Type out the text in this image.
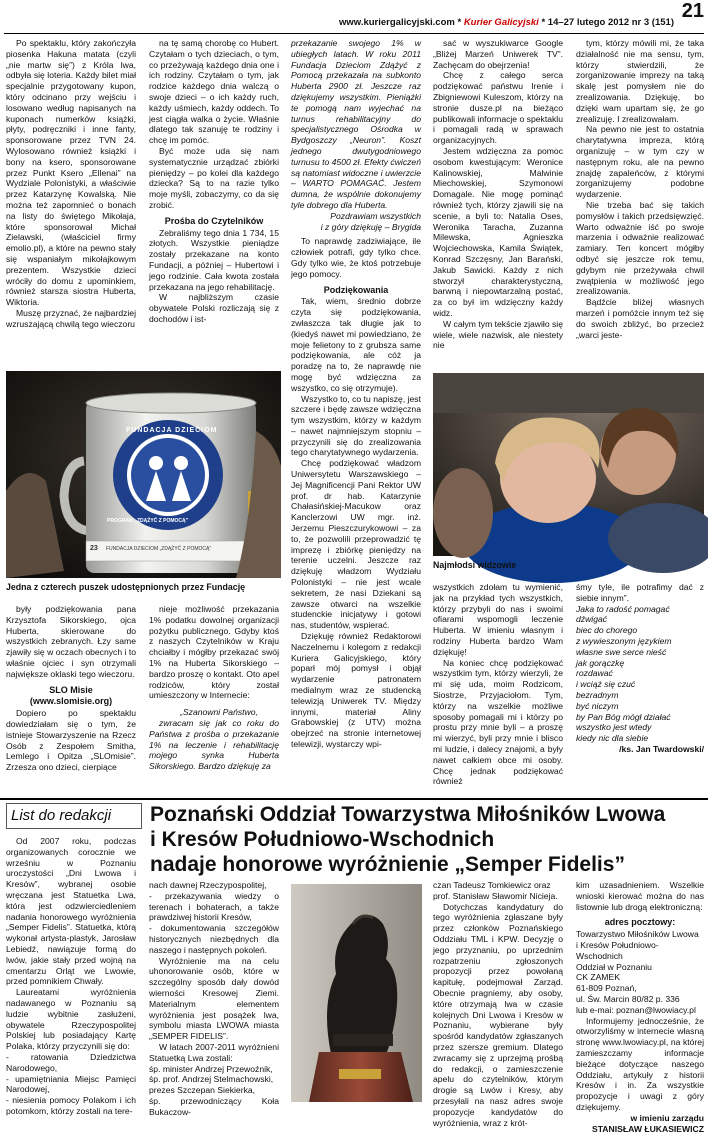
www.kuriergalicyjski.com * Kurier Galicyjski * 14–27 lutego 2012 nr 3 (151)
21

Po spektaklu, który zakończyła piosenka Hakuna matata (czyli „nie martw się”) z Króla lwa, odbyła się loteria. Każdy bilet miał specjalnie przygotowany kupon, który odcinano przy wejściu i losowano według napisanych na kuponach numerków książki, płyty, podręczniki i inne fanty, sponsorowane przez TVN 24. Wylosowano również książki i bony na ksero, sponsorowane przez Punkt Ksero „Ellenai” na Wydziale Polonistyki, a właściwie przez Katarzynę Kowalską. Nie można też zapomnieć o bonach na listy do świętego Mikołaja, które sponsorował Michał Zielawski, (właściciel firmy emolio.pl), a które na pewno stały się wspaniałym mikołajkowym prezentem. Wszystkie dzieci wróciły do domu z upominkiem, również starsza siostra Huberta, Wiktoria.

Muszę przyznać, że najbardziej wzruszającą chwilą tego wieczoru

na tę samą chorobę co Hubert. Czytałam o tych dzieciach, o tym, co przeżywają każdego dnia one i ich rodziny. Czytałam o tym, jak rodzice każdego dnia walczą o swoje dzieci – o ich każdy ruch, każdy uśmiech, każdy oddech. To jest ciągła walka o życie. Właśnie dlatego tak szanuję te rodziny i chcę im pomóc.

Być może uda się nam systematycznie urządzać zbiórki pieniędzy – po kolei dla każdego dziecka? Są to na razie tylko moje myśli, zobaczymy, co da się zrobić.

Prośba do Czytelników

Zebraliśmy tego dnia 1 734, 15 złotych. Wszystkie pieniądze zostały przekazane na konto Fundacji, a później – Hubertowi i jego rodzinie. Cała kwota została przekazana na jego rehabilitację.

W najbliższym czasie obywatele Polski rozliczają się z dochodów i ist-

przekazanie swojego 1% w ubiegłych latach. W roku 2011 Fundacja Dzieciom Zdążyć z Pomocą przekazała na subkonto Huberta 2900 zł. Jeszcze raz dziękujemy wszystkim. Pieniążki te pomogą nam wyjechać na turnus rehabilitacyjny do specjalistycznego Ośrodka w Bydgoszczy „Neuron”. Koszt jednego dwutygodniowego turnusu to 4500 zł. Efekty ćwiczeń są natomiast widoczne i uwierzcie – WARTO POMAGAĆ. Jestem dumna, że wspólnie dokonujemy tyle dobrego dla Huberta.

Pozdrawiam wszystkich

i z góry dziękuję – Brygida

To naprawdę zadziwiające, ile człowiek potrafi, gdy tylko chce. Gdy tylko wie, że ktoś potrzebuje jego pomocy.

Podziękowania

Tak, wiem, średnio dobrze czyta się podziękowania, zwłaszcza tak długie jak to (kiedyś nawet mi powiedziano, że moje felietony to z grubsza same podziękowania, ale cóż ja poradzę na to, że naprawdę nie mogę być wdzięczna za wszystko, co się otrzymuje).

Wszystko to, co tu napiszę, jest szczere i będę zawsze wdzięczna tym wszystkim, którzy w każdym – nawet najmniejszym stopniu – przyczynili się do zrealizowania tego charytatywnego wydarzenia.

Chcę podziękować władzom Uniwersytetu Warszawskiego – Jej Magnificencji Pani Rektor UW prof. dr hab. Katarzynie Chałasińskiej-Macukow oraz Kanclerzowi UW mgr. inż. Jerzemu Pieszczurykowowi – za to, że pozwolili przeprowadzić tę imprezę i zbiórkę pieniędzy na terenie uczelni. Jeszcze raz dziękuję władzom Wydziału Polonistyki – nie jest wcale sekretem, że nasi Dziekani są zawsze otwarci na wszelkie studenckie inicjatywy i gotowi nas, studentów, wspierać.

Dziękuję również Redaktorowi Naczelnemu i kolegom z redakcji Kuriera Galicyjskiego, który poparł mój pomysł i objął wydarzenie patronatem medialnym wraz ze studencką telewizją Uniwerek TV. Między innymi, materiał Aliny Grabowskiej (z UTV) można obejrzeć na stronie internetowej telewizji, wystarczy wpi-

sać w wyszukiwarce Google „Bliżej Marzeń Uniwerek TV”. Zachęcam do obejrzenia!

Chcę z całego serca podziękować państwu Irenie i Zbigniewowi Kuleszom, którzy na stronie dusze.pl na bieżąco publikowali informacje o spektaklu i pomagali radą w sprawach organizacyjnych.

Jestem wdzięczna za pomoc osobom kwestującym: Weronice Kalinowskiej, Malwinie Miechowskiej, Szymonowi Domagale. Nie mogę pominąć również tych, którzy zjawili się na scenie, a byli to: Natalia Oses, Weronika Taracha, Zuzanna Milewska, Agnieszka Wojciechowska, Kamila Świątek, Konrad Szczęsny, Jan Barański, Jakub Sawicki. Każdy z nich stworzył charakterystyczną, barwną i niepowtarzalną postać, za co był im wdzięczny każdy widz.

W całym tym tekście zjawiło się wiele, wiele nazwisk, ale niestety nie

tym, którzy mówili mi, że taka działalność nie ma sensu, tym, którzy stwierdzili, że zorganizowanie imprezy na taką skalę jest pomysłem nie do zrealizowania. Dziękuję, bo dzięki wam upartam się, że go zrealizuję. I zrealizowałam.

Na pewno nie jest to ostatnia charytatywna impreza, którą organizuję – w tym czy w następnym roku, ale na pewno znajdę zapaleńców, z którymi zorganizujemy podobne wydarzenie.

Nie trzeba bać się takich pomysłów i takich przedsięwzięć. Warto odważnie iść po swoje marzenia i odważnie realizować zamiary. Ten koncert mógłby odbyć się jeszcze rok temu, gdybym nie przeżywała chwil zwątpienia w możliwość jego zrealizowania.

Bądźcie bliżej własnych marzeń i pomóżcie innym też się do swoich zbliżyć, bo przecież „warci jeste-

FUNDACJA DZIECIOM
PROGRAM „ZDĄŻYĆ Z POMOCĄ”
FUNDACJA DZIECIOM „ZDĄŻYĆ Z POMOCĄ”
23
Jedna z czterech puszek udostępnionych przez Fundację
Najmłodsi widzowie

były podziękowania pana Krzysztofa Sikorskiego, ojca Huberta, skierowane do wszystkich zebranych. Łzy same zjawiły się w oczach obecnych i to właśnie ojciec i syn otrzymali największe oklaski tego wieczoru.

SLO Misie

(www.slomisie.org)

Dopiero po spektaklu dowiedziałam się o tym, że istnieje Stowarzyszenie na Rzecz Osób z Zespołem Smitha, Lemlego i Opitza „SLOmisie”. Zrzesza ono dzieci, cierpiące

nieje możliwość przekazania 1% podatku dowolnej organizacji pożytku publicznego. Gdyby ktoś z naszych Czytelników w Kraju chciałby i mógłby przekazać swój 1% na Huberta Sikorskiego – bardzo proszę o kontakt. Oto apel rodziców, który został umieszczony w Internecie:

„Szanowni Państwo,

zwracam się jak co roku do Państwa z prośba o przekazanie 1% na leczenie i rehabilitację mojego synka Huberta Sikorskiego. Bardzo dziękuję za

wszystkich zdołam tu wymienić, jak na przykład tych wszystkich, którzy przybyli do nas i swoimi ofiarami wspomogli leczenie Huberta. W imieniu własnym i rodziny Huberta bardzo Wam dziękuję!

Na koniec chcę podziękować wszystkim tym, którzy wierzyli, że mi się uda, moim Rodzicom, Siostrze, Przyjaciołom. Tym, którzy na wszelkie możliwe sposoby pomagali mi i którzy po prostu przy mnie byli – a proszę mi wierzyć, byli przy mnie i blisco mi ludzie, i dalecy znajomi, a były nawet całkiem obce mi osoby. Chcę jednak podziękować również

śmy tyle, ile potrafimy dać z siebie innym”.

Jaka to radość pomagać

dźwigać

biec do chorego

z wywieszonym językiem

własne swe serce nieść

jak gorączkę

rozdawać

i wciąż się czuć

bezradnym

być niczym

by Pan Bóg mógł działać

wszystko jest wtedy

kiedy nic dla siebie

/ks. Jan Twardowski/

List do redakcji	Poznański Oddział Towarzystwa Miłośników Lwowa
i Kresów Południowo-Wschodnich
nadaje honorowe wyróżnienie „Semper Fidelis”

Od 2007 roku, podczas organizowanych corocznie we wrześniu w Poznaniu uroczystości „Dni Lwowa i Kresów”, wybranej osobie wręczana jest Statuetka Lwa, która jest odzwierciedleniem nadania honorowego wyróżnienia „Semper Fidelis”. Statuetka, którą wykonał artysta-plastyk, Jarosław Lebiedź, nawiązuje formą do lwów, jakie stały przed wojną na cmentarzu Orląt we Lwowie, przed pomnikiem Chwały.

Laureatami wyróżnienia nadawanego w Poznaniu są ludzie wybitnie zasłużeni, obywatele Rzeczypospolitej Polskiej lub posiadający Kartę Polaka, którzy przyczynili się do:

- ratowania Dziedzictwa Narodowego,

- upamiętniania Miejsc Pamięci Narodowej,

- niesienia pomocy Polakom i ich potomkom, którzy zostali na tere-

nach dawnej Rzeczypospolitej,

- przekazywania wiedzy o terenach i bohaterach, a także prawdziwej historii Kresów,

- dokumentowania szczegółów historycznych niezbędnych dla naszego i następnych pokoleń.

Wyróżnienie ma na celu uhonorowanie osób, które w szczególny sposób dały dowód wierności Kresowej Ziemi. Materialnym elementem wyróżnienia jest posążek lwa, symbolu miasta LWOWA miasta „SEMPER FIDELIS”.

W latach 2007-2011 wyróżnieni Statuetką Lwa zostali:

śp. minister Andrzej Przewoźnik,

śp. prof. Andrzej Stelmachowski,

prezes Szczepan Siekierka,

śp. przewodniczący Koła Bukaczow-

czan Tadeusz Tomkiewicz oraz

prof. Stanisław Sławomir Nicieja.

Dotychczas kandydatury do tego wyróżnienia zgłaszane były przez członków Poznańskiego Oddziału TML i KPW. Decyzję o jego przyznaniu, po uprzednim rozpatrzeniu zgłoszonych propozycji przez powołaną kapitułę, podejmował Zarząd. Obecnie pragniemy, aby osoby, które otrzymają lwa w czasie kolejnych Dni Lwowa i Kresów w Poznaniu, wybierane były spośród kandydatów zgłaszanych przez szersze gremium. Dlatego zwracamy się z uprzejmą prośbą do redakcji, o zamieszczenie apelu do czytelników, którym drogie są Lwów i Kresy, aby przesyłali na nasz adres swoje propozycje kandydatów do wyróżnienia, wraz z krót-

kim uzasadnieniem. Wszelkie wnioski kierować można do nas listownie lub drogą elektroniczną:

adres pocztowy:

Towarzystwo Miłośników Lwowa

i Kresów Południowo-Wschodnich

Oddział w Poznaniu

CK ZAMEK

61-809 Poznań,

ul. Św. Marcin 80/82 p. 336

lub e-mai: poznan@lwowiacy.pl

Informujemy jednocześnie, że otworzyliśmy w internecie własną stronę www.lwowiacy.pl, na której zamieszczamy informacje bieżące dotyczące naszego Oddziału, artykuły z historii Kresów i in. Za wszystkie propozycje i uwagi z góry dziękujemy.

w imieniu zarządu

STANISŁAW ŁUKASIEWICZ
